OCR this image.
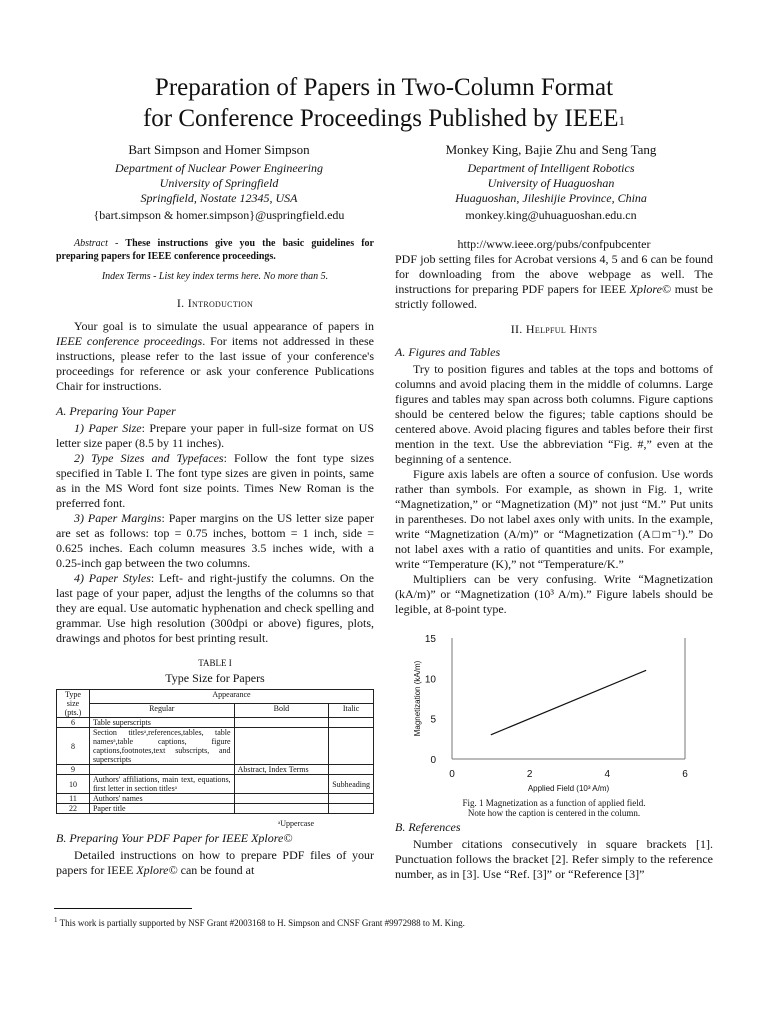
Preparation of Papers in Two-Column Format
for Conference Proceedings Published by IEEE$^1$
Bart Simpson and Homer Simpson
Department of Nuclear Power Engineering
University of Springfield
Springfield, Nostate 12345, USA
{bart.simpson & homer.simpson}@uspringfield.edu
Monkey King, Bajie Zhu and Seng Tang
Department of Intelligent Robotics
University of Huaguoshan
Huaguoshan, Jileshijie Province, China
monkey.king@uhuaguoshan.edu.cn

Abstract - These instructions give you the basic guidelines for preparing papers for IEEE conference proceedings.

Index Terms - List key index terms here. No more than 5.

I. Introduction

Your goal is to simulate the usual appearance of papers in IEEE conference proceedings. For items not addressed in these instructions, please refer to the last issue of your conference's proceedings for reference or ask your conference Publications Chair for instructions.

A. Preparing Your Paper

1) Paper Size: Prepare your paper in full-size format on US letter size paper (8.5 by 11 inches).

2) Type Sizes and Typefaces: Follow the font type sizes specified in Table I. The font type sizes are given in points, same as in the MS Word font size points. Times New Roman is the preferred font.

3) Paper Margins: Paper margins on the US letter size paper are set as follows: top = 0.75 inches, bottom = 1 inch, side = 0.625 inches. Each column measures 3.5 inches wide, with a 0.25-inch gap between the two columns.

4) Paper Styles: Left- and right-justify the columns. On the last page of your paper, adjust the lengths of the columns so that they are equal. Use automatic hyphenation and check spelling and grammar. Use high resolution (300dpi or above) figures, plots, drawings and photos for best printing result.

TABLE I
Type Size for Papers
Type size (pts.)	Appearance		
	Regular	Bold	Italic
6	Table superscripts		
8	Section titlesᵃ,references,tables, table namesᵃ,table captions, figure captions,footnotes,text subscripts, and superscripts		
9		Abstract, Index Terms	
10	Authors' affiliations, main text, equations, first letter in section titlesᵃ		Subheading
11	Authors' names		
22	Paper title		
ᵃUppercase
B. Preparing Your PDF Paper for IEEE Xplore©

Detailed instructions on how to prepare PDF files of your papers for IEEE Xplore© can be found at

http://www.ieee.org/pubs/confpubcenter

PDF job setting files for Acrobat versions 4, 5 and 6 can be found for downloading from the above webpage as well. The instructions for preparing PDF papers for IEEE Xplore© must be strictly followed.

II. Helpful Hints
A. Figures and Tables

Try to position figures and tables at the tops and bottoms of columns and avoid placing them in the middle of columns. Large figures and tables may span across both columns. Figure captions should be centered below the figures; table captions should be centered above. Avoid placing figures and tables before their first mention in the text. Use the abbreviation “Fig. #,” even at the beginning of a sentence.

Figure axis labels are often a source of confusion. Use words rather than symbols. For example, as shown in Fig. 1, write “Magnetization,” or “Magnetization (M)” not just “M.” Put units in parentheses. Do not label axes only with units. In the example, write “Magnetization (A/m)” or “Magnetization (A□m⁻¹).” Do not label axes with a ratio of quantities and units. For example, write “Temperature (K),” not “Temperature/K.”

Multipliers can be very confusing. Write “Magnetization (kA/m)” or “Magnetization (10³ A/m).” Figure labels should be legible, at 8-point type.

0
5
10
15
0	2	4	6
Applied Field (10³ A/m)
Magnetization (kA/m)
Fig. 1 Magnetization as a function of applied field.
Note how the caption is centered in the column.
B. References

Number citations consecutively in square brackets [1]. Punctuation follows the bracket [2]. Refer simply to the reference number, as in [3]. Use “Ref. [3]” or “Reference [3]”

$^1$ This work is partially supported by NSF Grant #2003168 to H. Simpson and CNSF Grant #9972988 to M. King.
